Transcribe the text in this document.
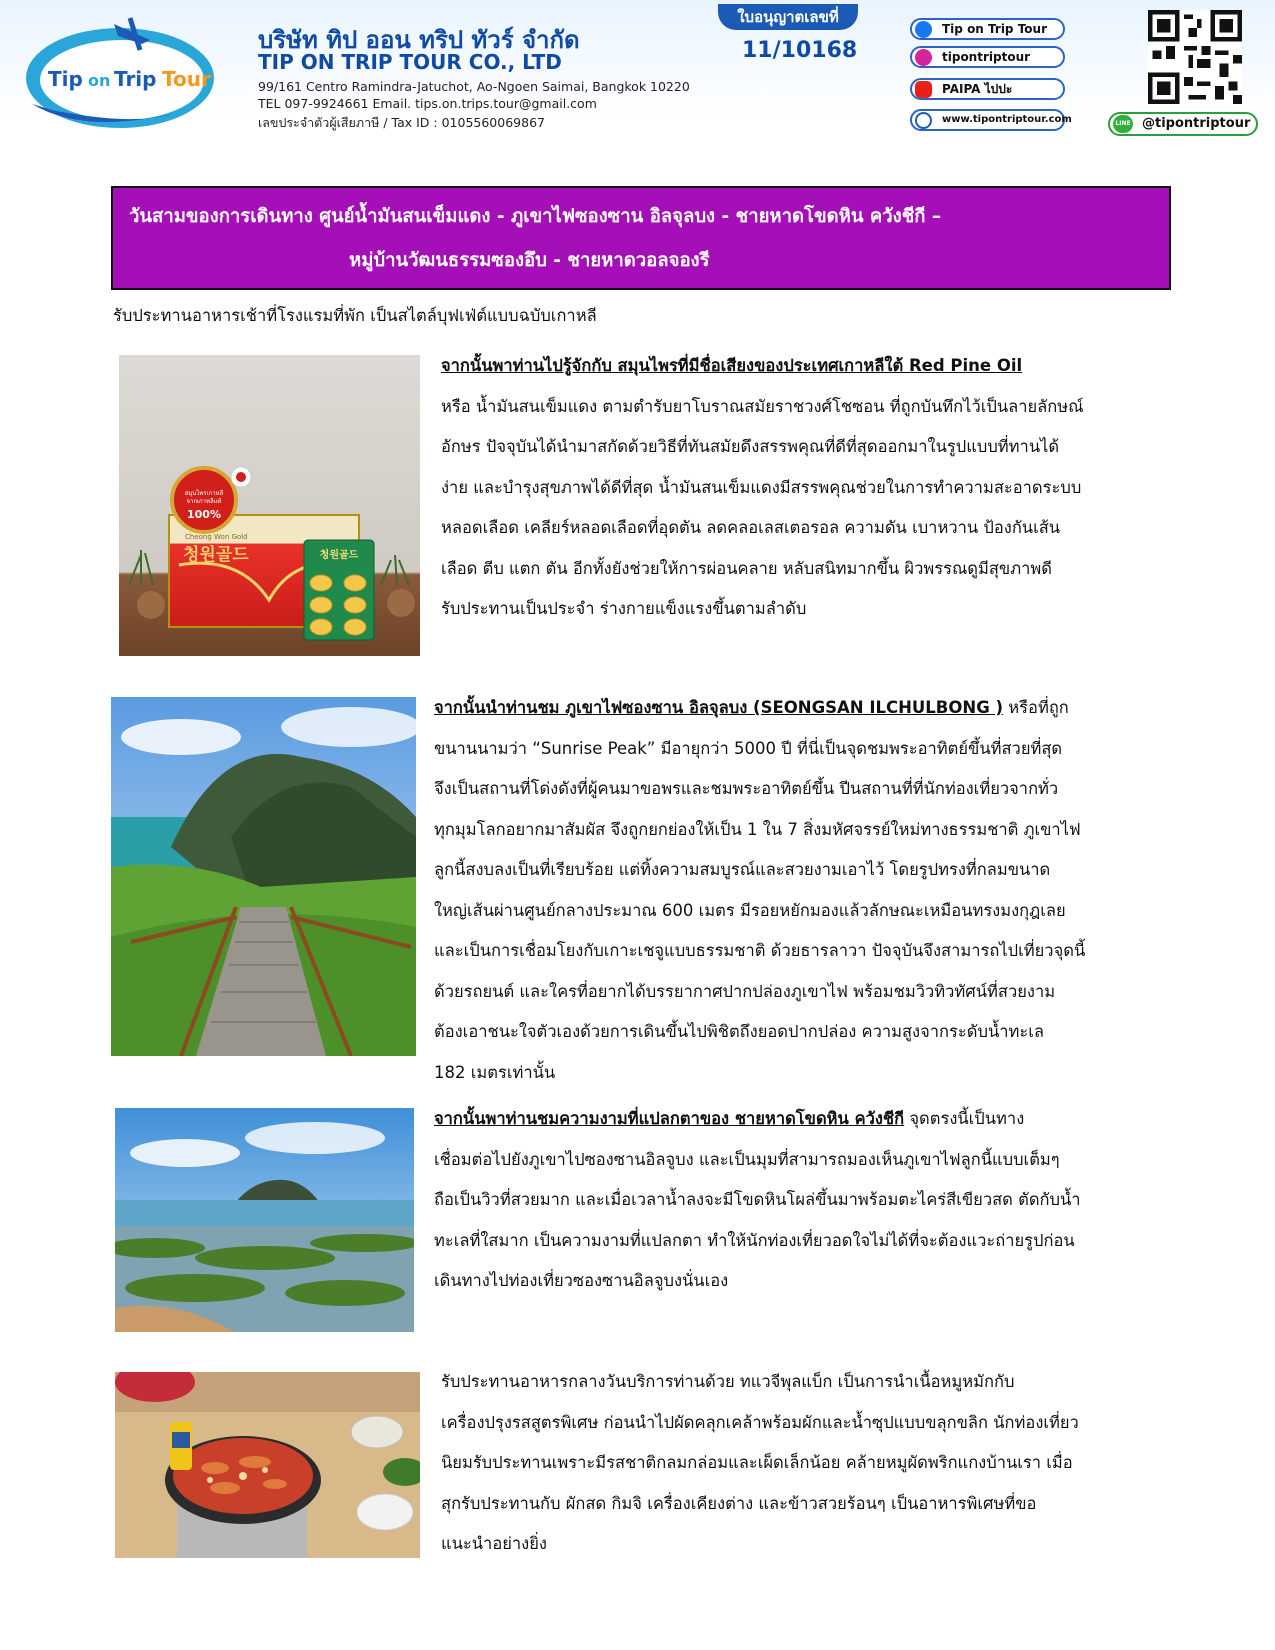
Tip on Trip Tour
บริษัท ทิป ออน ทริป ทัวร์ จำกัด
TIP ON TRIP TOUR CO., LTD
99/161 Centro Ramindra-Jatuchot, Ao-Ngoen Saimai, Bangkok 10220
TEL 097-9924661 Email. tips.on.trips.tour@gmail.com
เลขประจำตัวผู้เสียภาษี / Tax ID : 0105560069867
ใบอนุญาตเลขที่
11/10168
Tip on Trip Tour
tipontriptour
PAIPA ไปปะ
www.tipontriptour.com	LINE @tipontriptour
วันสามของการเดินทาง ศูนย์น้ำมันสนเข็มแดง - ภูเขาไฟซองซาน อิลจุลบง - ชายหาดโขดหิน ควังชีกี –
หมู่บ้านวัฒนธรรมซองอึบ - ชายหาดวอลจองรี
รับประทานอาหารเช้าที่โรงแรมที่พัก เป็นสไตล์บุฟเฟ่ต์แบบฉบับเกาหลี
Cheong Won Gold
청원골드
สมุนไพรเกาหลี
จากเกาหลีแท้
100%
청원골드

จากนั้นพาท่านไปรู้จักกับ สมุนไพรที่มีชื่อเสียงของประเทศเกาหลีใต้ Red Pine Oil

หรือ น้ำมันสนเข็มแดง ตามตำรับยาโบราณสมัยราชวงศ์โชซอน ที่ถูกบันทึกไว้เป็นลายลักษณ์

อักษร ปัจจุบันได้นำมาสกัดด้วยวิธีที่ทันสมัยดึงสรรพคุณที่ดีที่สุดออกมาในรูปแบบที่ทานได้

ง่าย และบำรุงสุขภาพได้ดีที่สุด น้ำมันสนเข็มแดงมีสรรพคุณช่วยในการทำความสะอาดระบบ

หลอดเลือด เคลียร์หลอดเลือดที่อุดตัน ลดคลอเลสเตอรอล ความดัน เบาหวาน ป้องกันเส้น

เลือด ตีบ แตก ตัน อีกทั้งยังช่วยให้การผ่อนคลาย หลับสนิทมากขึ้น ผิวพรรณดูมีสุขภาพดี

รับประทานเป็นประจำ ร่างกายแข็งแรงขึ้นตามลำดับ

จากนั้นนำท่านชม ภูเขาไฟซองซาน อิลจุลบง (SEONGSAN ILCHULBONG ) หรือที่ถูก

ขนานนามว่า “Sunrise Peak” มีอายุกว่า 5000 ปี ที่นี่เป็นจุดชมพระอาทิตย์ขึ้นที่สวยที่สุด

จึงเป็นสถานที่โด่งดังที่ผู้คนมาขอพรและชมพระอาทิตย์ขึ้น ปีนสถานที่ที่นักท่องเที่ยวจากทั่ว

ทุกมุมโลกอยากมาสัมผัส จึงถูกยกย่องให้เป็น 1 ใน 7 สิ่งมหัศจรรย์ใหม่ทางธรรมชาติ ภูเขาไฟ

ลูกนี้สงบลงเป็นที่เรียบร้อย แต่ทิ้งความสมบูรณ์และสวยงามเอาไว้ โดยรูปทรงที่กลมขนาด

ใหญ่เส้นผ่านศูนย์กลางประมาณ 600 เมตร มีรอยหยักมองแล้วลักษณะเหมือนทรงมงกุฎเลย

และเป็นการเชื่อมโยงกับเกาะเชจูแบบธรรมชาติ ด้วยธารลาวา ปัจจุบันจึงสามารถไปเที่ยวจุดนี้

ด้วยรถยนต์ และใครที่อยากได้บรรยากาศปากปล่องภูเขาไฟ พร้อมชมวิวทิวทัศน์ที่สวยงาม

ต้องเอาชนะใจตัวเองด้วยการเดินขึ้นไปพิชิตถึงยอดปากปล่อง ความสูงจากระดับน้ำทะเล

182 เมตรเท่านั้น

จากนั้นพาท่านชมความงามที่แปลกตาของ ชายหาดโขดหิน ควังชีกี จุดตรงนี้เป็นทาง

เชื่อมต่อไปยังภูเขาไปซองซานอิลจูบง และเป็นมุมที่สามารถมองเห็นภูเขาไฟลูกนี้แบบเต็มๆ

ถือเป็นวิวที่สวยมาก และเมื่อเวลาน้ำลงจะมีโขดหินโผล่ขึ้นมาพร้อมตะไคร่สีเขียวสด ตัดกับน้ำ

ทะเลที่ใสมาก เป็นความงามที่แปลกตา ทำให้นักท่องเที่ยวอดใจไม่ได้ที่จะต้องแวะถ่ายรูปก่อน

เดินทางไปท่องเที่ยวซองซานอิลจูบงนั่นเอง

รับประทานอาหารกลางวันบริการท่านด้วย ทแวจีพุลแบ็ก เป็นการนำเนื้อหมูหมักกับ

เครื่องปรุงรสสูตรพิเศษ ก่อนนำไปผัดคลุกเคล้าพร้อมผักและน้ำซุปแบบขลุกขลิก นักท่องเที่ยว

นิยมรับประทานเพราะมีรสชาติกลมกล่อมและเผ็ดเล็กน้อย คล้ายหมูผัดพริกแกงบ้านเรา เมื่อ

สุกรับประทานกับ ผักสด กิมจิ เครื่องเคียงต่าง และข้าวสวยร้อนๆ เป็นอาหารพิเศษที่ขอ

แนะนำอย่างยิ่ง
